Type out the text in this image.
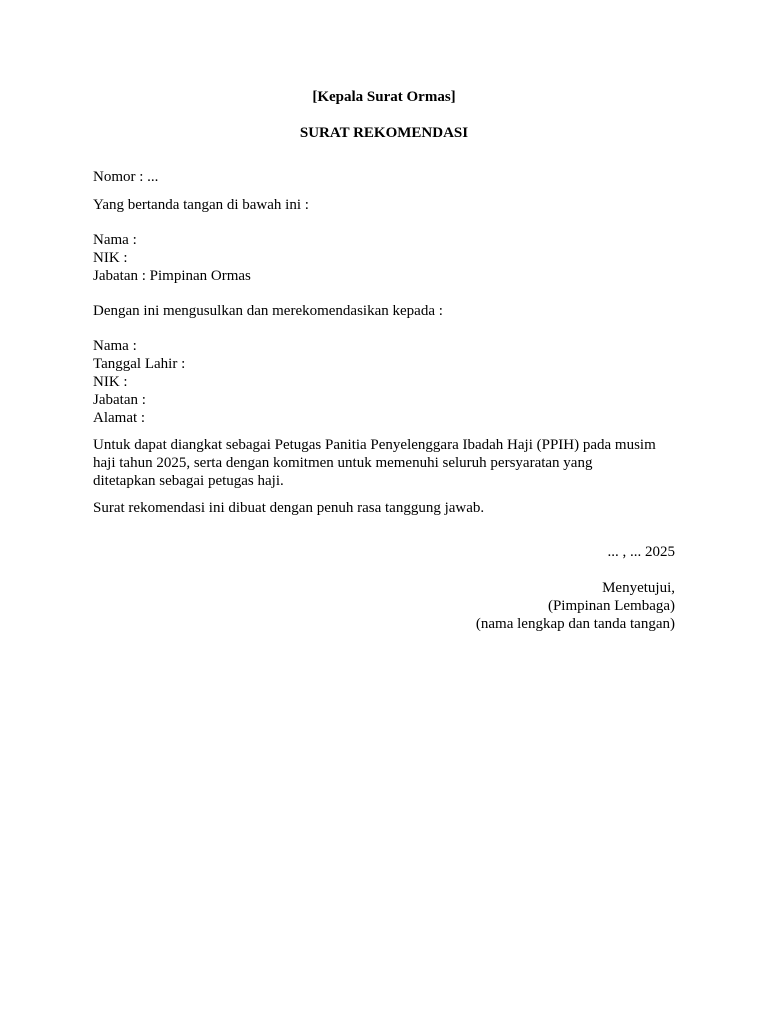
[Kepala Surat Ormas]
SURAT REKOMENDASI
Nomor : ...
Yang bertanda tangan di bawah ini :
Nama :
NIK :
Jabatan : Pimpinan Ormas
Dengan ini mengusulkan dan merekomendasikan kepada :
Nama :
Tanggal Lahir :
NIK :
Jabatan :
Alamat :
Untuk dapat diangkat sebagai Petugas Panitia Penyelenggara Ibadah Haji (PPIH) pada musim
haji tahun 2025, serta dengan komitmen untuk memenuhi seluruh persyaratan yang
ditetapkan sebagai petugas haji.
Surat rekomendasi ini dibuat dengan penuh rasa tanggung jawab.
... , ... 2025
Menyetujui,
(Pimpinan Lembaga)
(nama lengkap dan tanda tangan)
